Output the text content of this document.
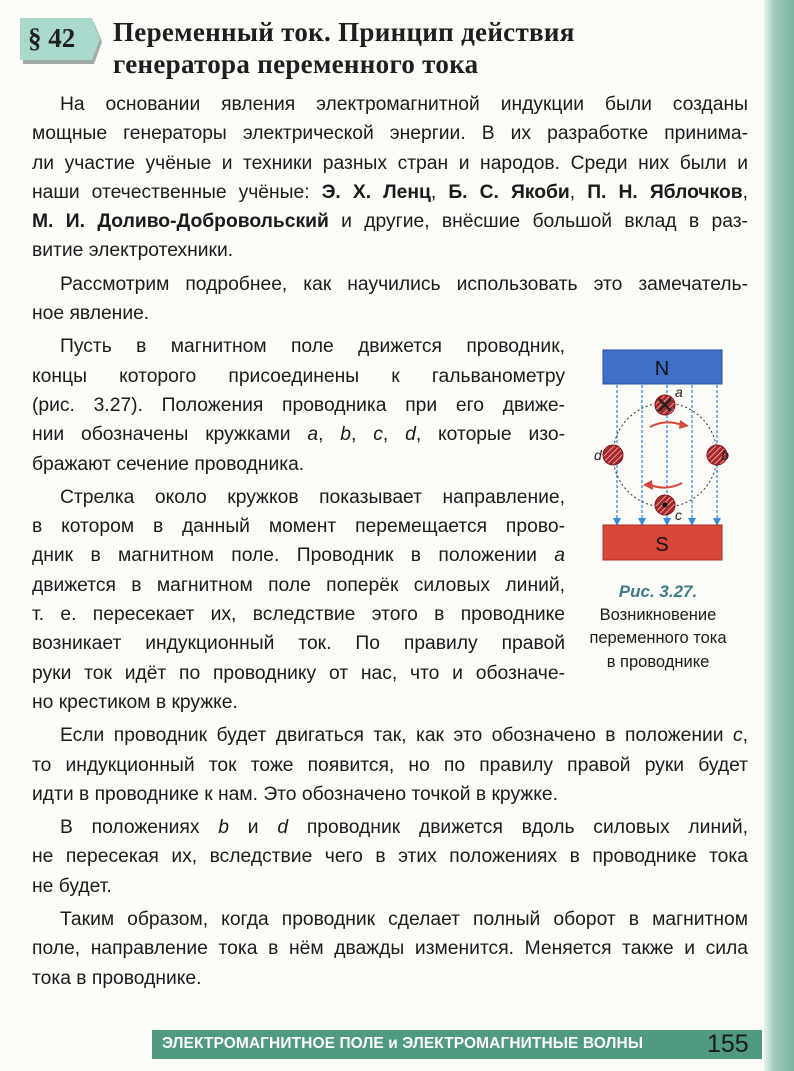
§ 42 Переменный ток. Принцип действия
генератора переменного тока
На основании явления электромагнитной индукции были созданы
мощные генераторы электрической энергии. В их разработке принима-
ли участие учёные и техники разных стран и народов. Среди них были и
наши отечественные учёные: Э. Х. Ленц, Б. С. Якоби, П. Н. Яблочков,
М. И. Доливо-Добровольский и другие, внёсшие большой вклад в раз-
витие электротехники.
Рассмотрим подробнее, как научились использовать это замечатель-
ное явление.
Пусть в магнитном поле движется проводник,
концы которого присоединены к гальванометру
(рис. 3.27). Положения проводника при его движе-
нии обозначены кружками a, b, c, d, которые изо-
бражают сечение проводника.
Стрелка около кружков показывает направление,
в котором в данный момент перемещается прово-
дник в магнитном поле. Проводник в положении a
движется в магнитном поле поперёк силовых линий,
т. е. пересекает их, вследствие этого в проводнике
возникает индукционный ток. По правилу правой
руки ток идёт по проводнику от нас, что и обозначе-
но крестиком в кружке.
Если проводник будет двигаться так, как это обозначено в положении c,
то индукционный ток тоже появится, но по правилу правой руки будет
идти в проводнике к нам. Это обозначено точкой в кружке.
В положениях b и d проводник движется вдоль силовых линий,
не пересекая их, вследствие чего в этих положениях в проводнике тока
не будет.
Таким образом, когда проводник сделает полный оборот в магнитном
поле, направление тока в нём дважды изменится. Меняется также и сила
тока в проводнике.
N
a
b
c
d
S
Рис. 3.27.
Возникновение
переменного тока
в проводнике
ЭЛЕКТРОМАГНИТНОЕ ПОЛЕ и ЭЛЕКТРОМАГНИТНЫЕ ВОЛНЫ	155
